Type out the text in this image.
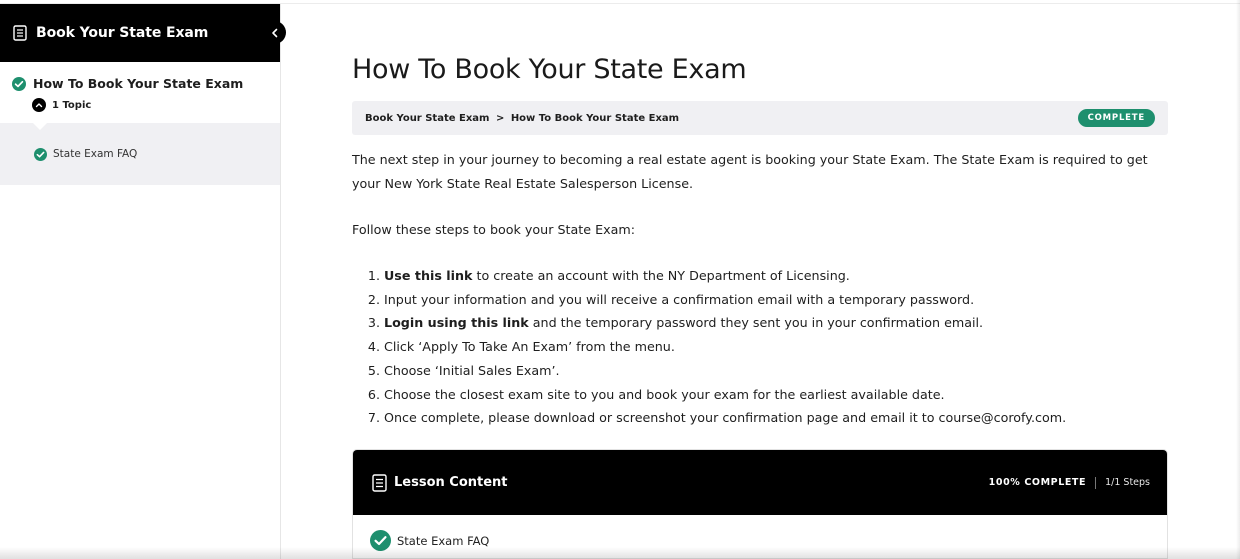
Book Your State Exam
How To Book Your State Exam
1 Topic
State Exam FAQ
How To Book Your State Exam
Book Your State Exam > How To Book Your State Exam	COMPLETE

The next step in your journey to becoming a real estate agent is booking your State Exam. The State Exam is required to get your New York State Real Estate Salesperson License.

Follow these steps to book your State Exam:

1. Use this link to create an account with the NY Department of Licensing.
2. Input your information and you will receive a confirmation email with a temporary password.
3. Login using this link and the temporary password they sent you in your confirmation email.
4. Click ‘Apply To Take An Exam’ from the menu.
5. Choose ‘Initial Sales Exam’.
6. Choose the closest exam site to you and book your exam for the earliest available date.
7. Once complete, please download or screenshot your confirmation page and email it to course@corofy.com.
Lesson Content	100% COMPLETE 1/1 Steps
State Exam FAQ
